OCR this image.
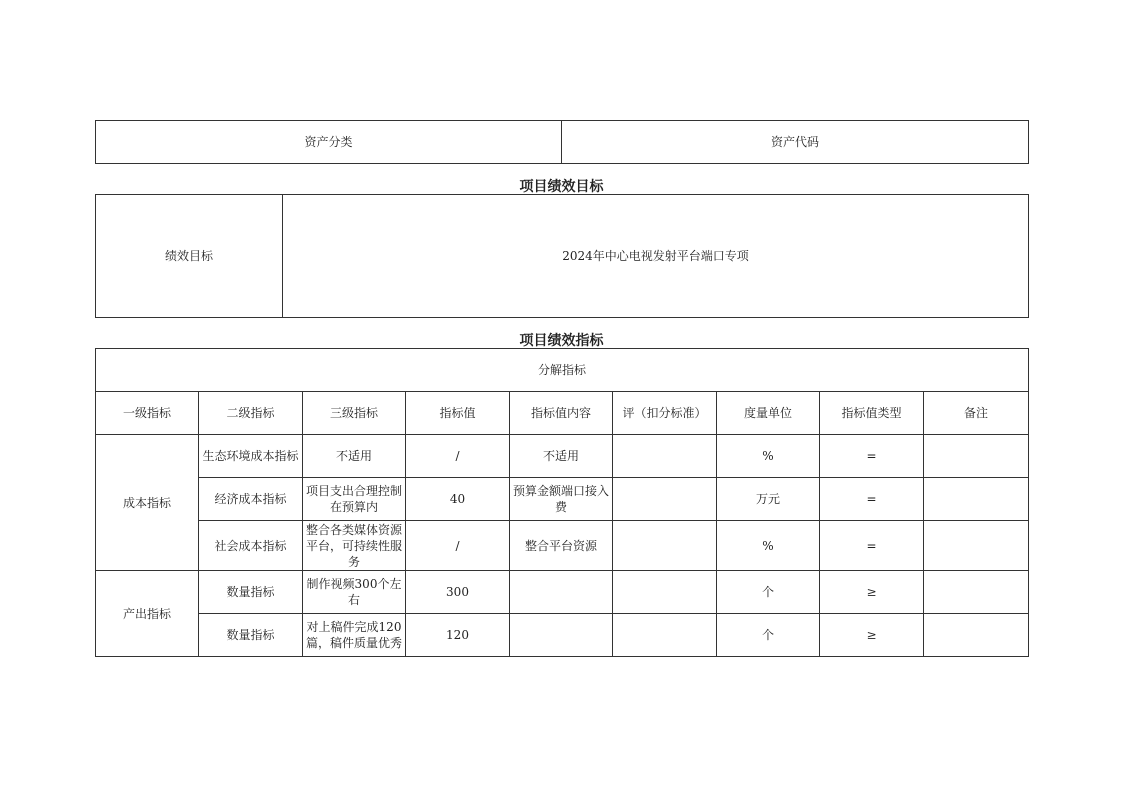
资产分类	资产代码
项目绩效目标
绩效目标	2024年中心电视发射平台端口专项
项目绩效指标
分解指标								
一级指标	二级指标	三级指标	指标值	指标值内容	评（扣分标准）	度量单位	指标值类型	备注
成本指标	生态环境成本指标	不适用	/	不适用		%	=	
	经济成本指标	项目支出合理控制在预算内	40	预算金额端口接入费		万元	=	
	社会成本指标	整合各类媒体资源平台，可持续性服务	/	整合平台资源		%	=	
产出指标	数量指标	制作视频300个左右	300			个	≥	
	数量指标	对上稿件完成120篇，稿件质量优秀	120			个	≥	
